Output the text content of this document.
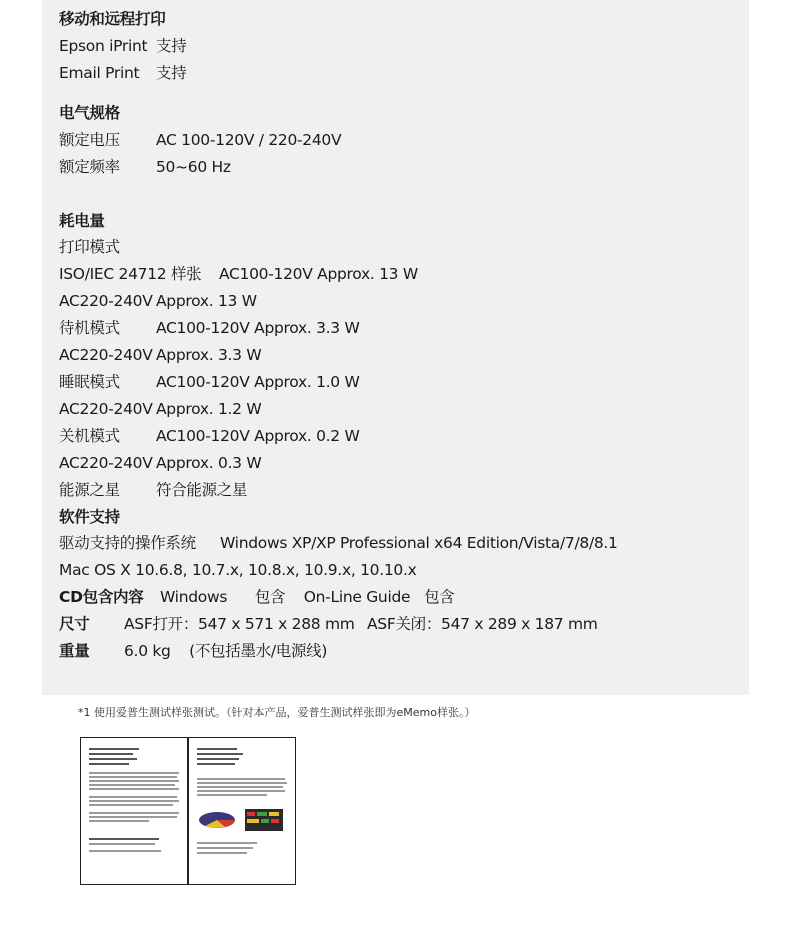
移动和远程打印
Epson iPrint 支持
Email Print 支持
电气规格
额定电压 AC 100-120V / 220-240V
额定频率 50~60 Hz
耗电量
打印模式
ISO/IEC 24712 样张 AC100-120V Approx. 13 W
AC220-240V Approx. 13 W
待机模式 AC100-120V Approx. 3.3 W
AC220-240V Approx. 3.3 W
睡眠模式 AC100-120V Approx. 1.0 W
AC220-240V Approx. 1.2 W
关机模式 AC100-120V Approx. 0.2 W
AC220-240V Approx. 0.3 W
能源之星 符合能源之星
软件支持
驱动支持的操作系统 Windows XP/XP Professional x64 Edition/Vista/7/8/8.1
Mac OS X 10.6.8, 10.7.x, 10.8.x, 10.9.x, 10.10.x
CD包含内容 Windows      包含    On-Line Guide   包含
尺寸 ASF打开：547 x 571 x 288 mm ASF关闭：547 x 289 x 187 mm
重量 6.0 kg    (不包括墨水/电源线)
*1 使用爱普生测试样张测试。（针对本产品，爱普生测试样张即为eMemo样张。）
